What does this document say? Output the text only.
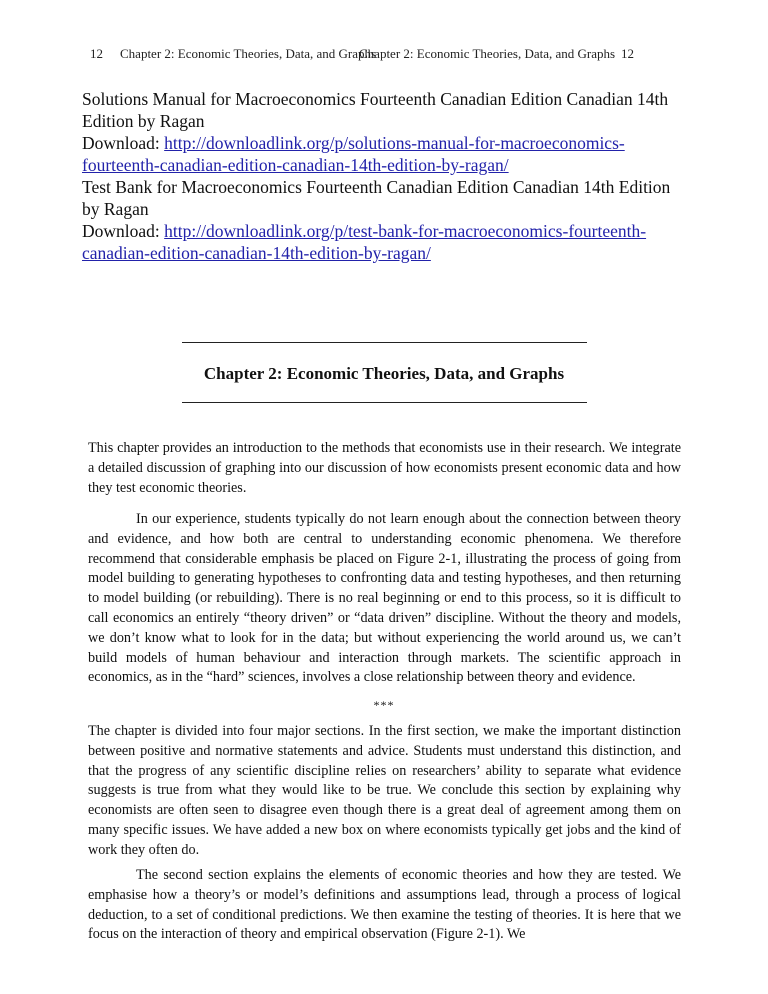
12 Chapter 2: Economic Theories, Data, and Graphs
Chapter 2: Economic Theories, Data, and Graphs 12
Solutions Manual for Macroeconomics Fourteenth Canadian Edition Canadian 14th Edition by Ragan
Download: http://downloadlink.org/p/solutions-manual-for-macroeconomics-fourteenth-canadian-edition-canadian-14th-edition-by-ragan/
Test Bank for Macroeconomics Fourteenth Canadian Edition Canadian 14th Edition by Ragan
Download: http://downloadlink.org/p/test-bank-for-macroeconomics-fourteenth-canadian-edition-canadian-14th-edition-by-ragan/
Chapter 2: Economic Theories, Data, and Graphs

This chapter provides an introduction to the methods that economists use in their research. We integrate a detailed discussion of graphing into our discussion of how economists present economic data and how they test economic theories.

In our experience, students typically do not learn enough about the connection between theory and evidence, and how both are central to understanding economic phenomena. We therefore recommend that considerable emphasis be placed on Figure 2-1, illustrating the process of going from model building to generating hypotheses to confronting data and testing hypotheses, and then returning to model building (or rebuilding). There is no real beginning or end to this process, so it is difficult to call economics an entirely “theory driven” or “data driven” discipline. Without the theory and models, we don’t know what to look for in the data; but without experiencing the world around us, we can’t build models of human behaviour and interaction through markets. The scientific approach in economics, as in the “hard” sciences, involves a close relationship between theory and evidence.

***

The chapter is divided into four major sections. In the first section, we make the important distinction between positive and normative statements and advice. Students must understand this distinction, and that the progress of any scientific discipline relies on researchers’ ability to separate what evidence suggests is true from what they would like to be true. We conclude this section by explaining why economists are often seen to disagree even though there is a great deal of agreement among them on many specific issues. We have added a new box on where economists typically get jobs and the kind of work they often do.

The second section explains the elements of economic theories and how they are tested. We emphasise how a theory’s or model’s definitions and assumptions lead, through a process of logical deduction, to a set of conditional predictions. We then examine the testing of theories. It is here that we focus on the interaction of theory and empirical observation (Figure 2-1). We
